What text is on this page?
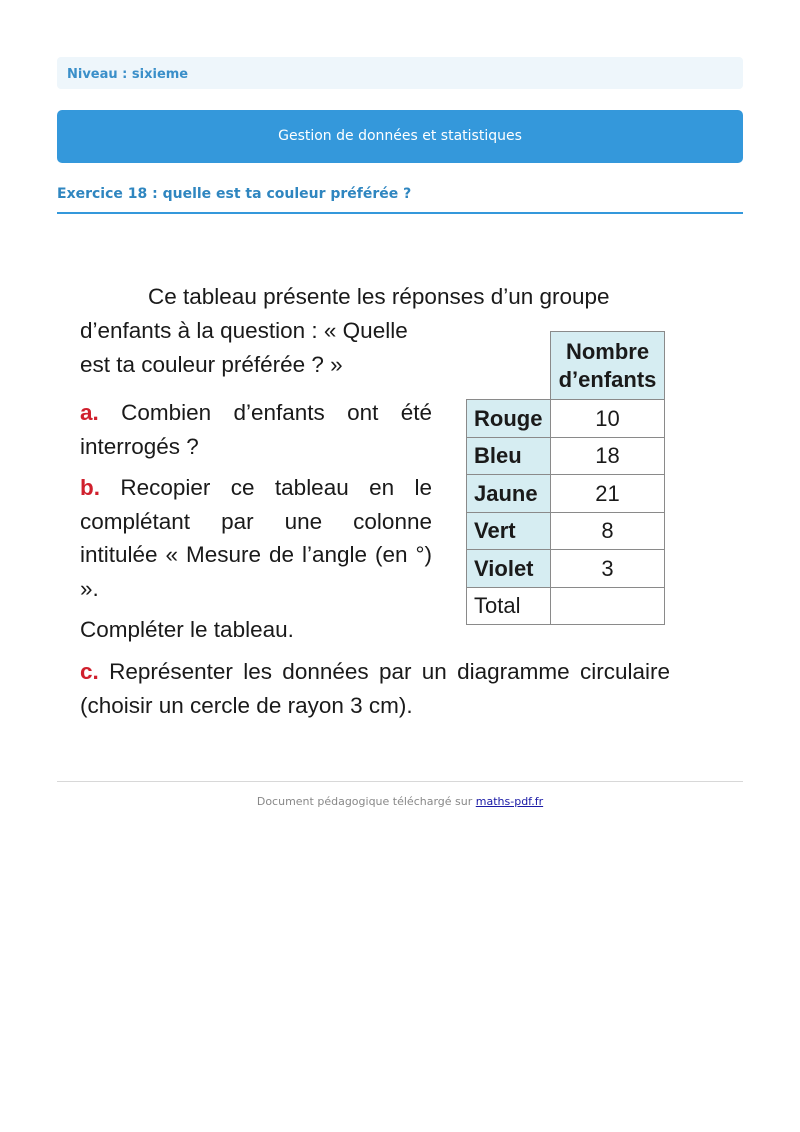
Niveau : sixieme
Gestion de données et statistiques
Exercice 18 : quelle est ta couleur préférée ?
Ce tableau présente les réponses d’un groupe
d’enfants à la question : « Quelle est ta couleur préférée ? »
a. Combien d’enfants ont été interrogés ?
b. Recopier ce tableau en le complétant par une colonne intitulée « Mesure de l’angle (en °) ».
Compléter le tableau.
c. Représenter les données par un diagramme circulaire (choisir un cercle de rayon 3 cm).
	Nombre d’enfants
Rouge	10
Bleu	18
Jaune	21
Vert	8
Violet	3
Total	
Document pédagogique téléchargé sur maths-pdf.fr
